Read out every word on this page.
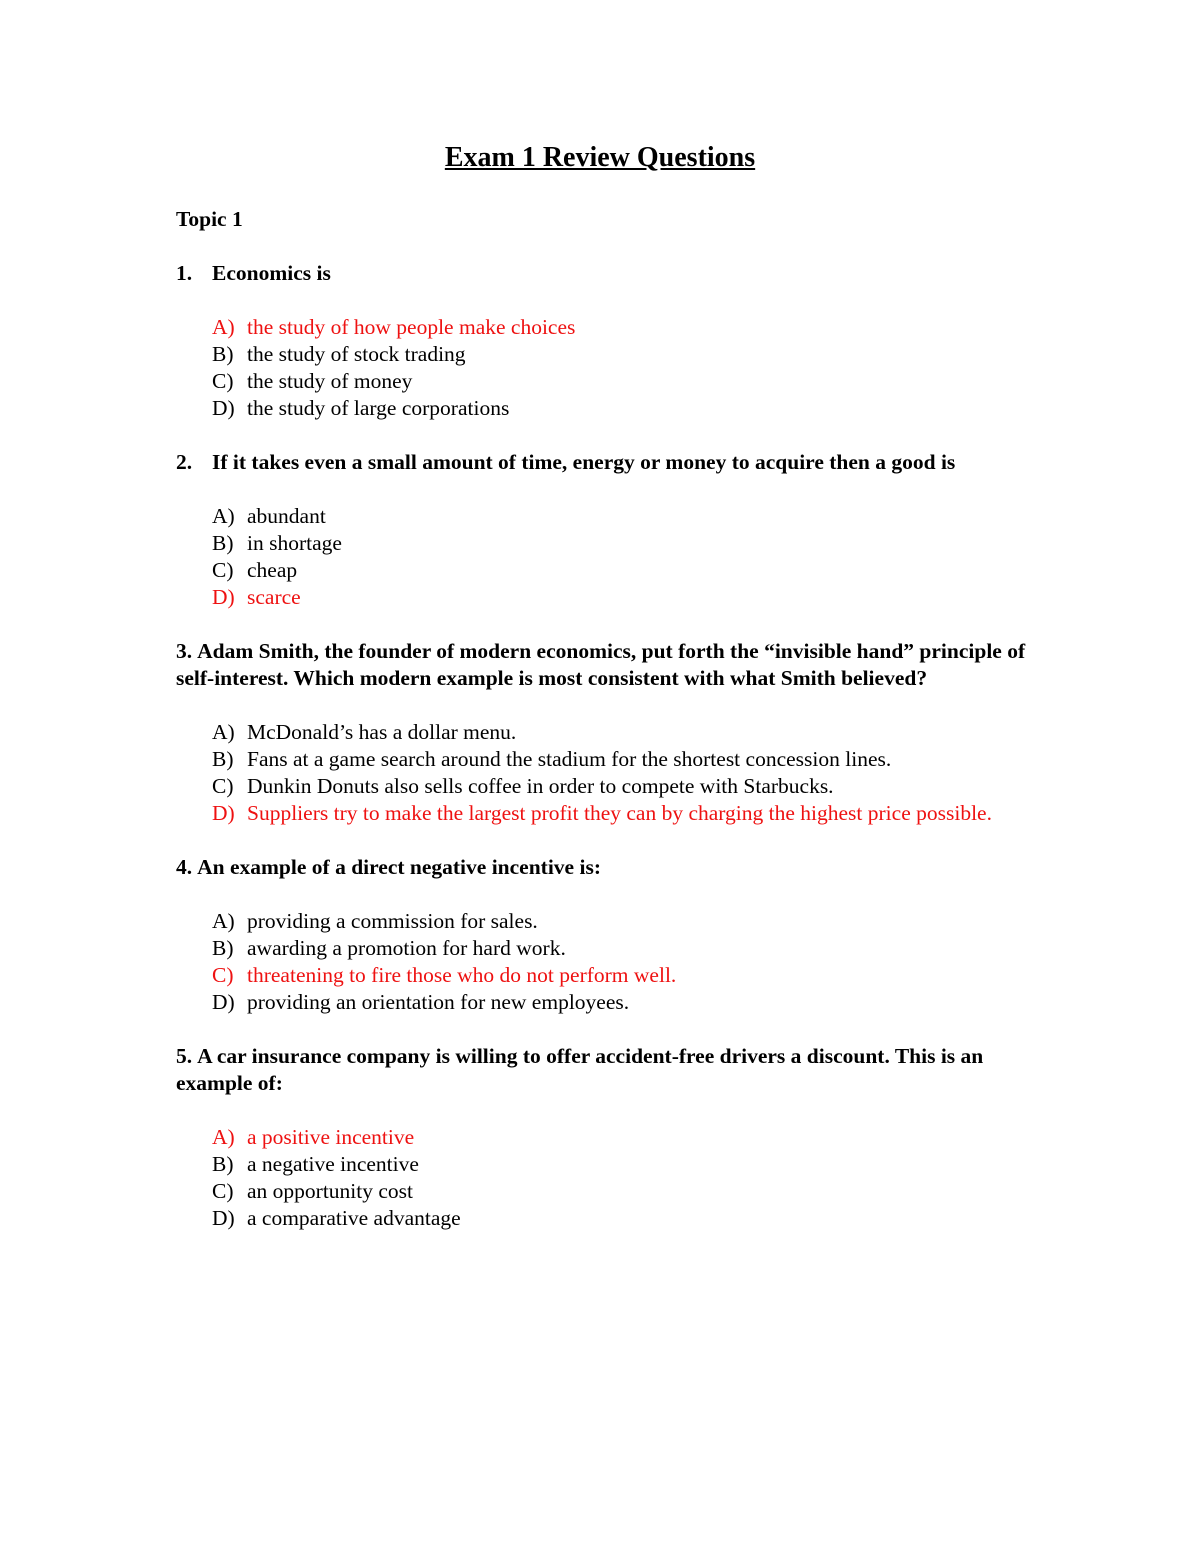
Exam 1 Review Questions
Topic 1
1. Economics is
A) the study of how people make choices
B) the study of stock trading
C) the study of money
D) the study of large corporations
2. If it takes even a small amount of time, energy or money to acquire then a good is
A) abundant
B) in shortage
C) cheap
D) scarce
3. Adam Smith, the founder of modern economics, put forth the “invisible hand” principle of self-interest. Which modern example is most consistent with what Smith believed?
A) McDonald’s has a dollar menu.
B) Fans at a game search around the stadium for the shortest concession lines.
C) Dunkin Donuts also sells coffee in order to compete with Starbucks.
D) Suppliers try to make the largest profit they can by charging the highest price possible.
4. An example of a direct negative incentive is:
A) providing a commission for sales.
B) awarding a promotion for hard work.
C) threatening to fire those who do not perform well.
D) providing an orientation for new employees.
5. A car insurance company is willing to offer accident-free drivers a discount. This is an example of:
A) a positive incentive
B) a negative incentive
C) an opportunity cost
D) a comparative advantage
